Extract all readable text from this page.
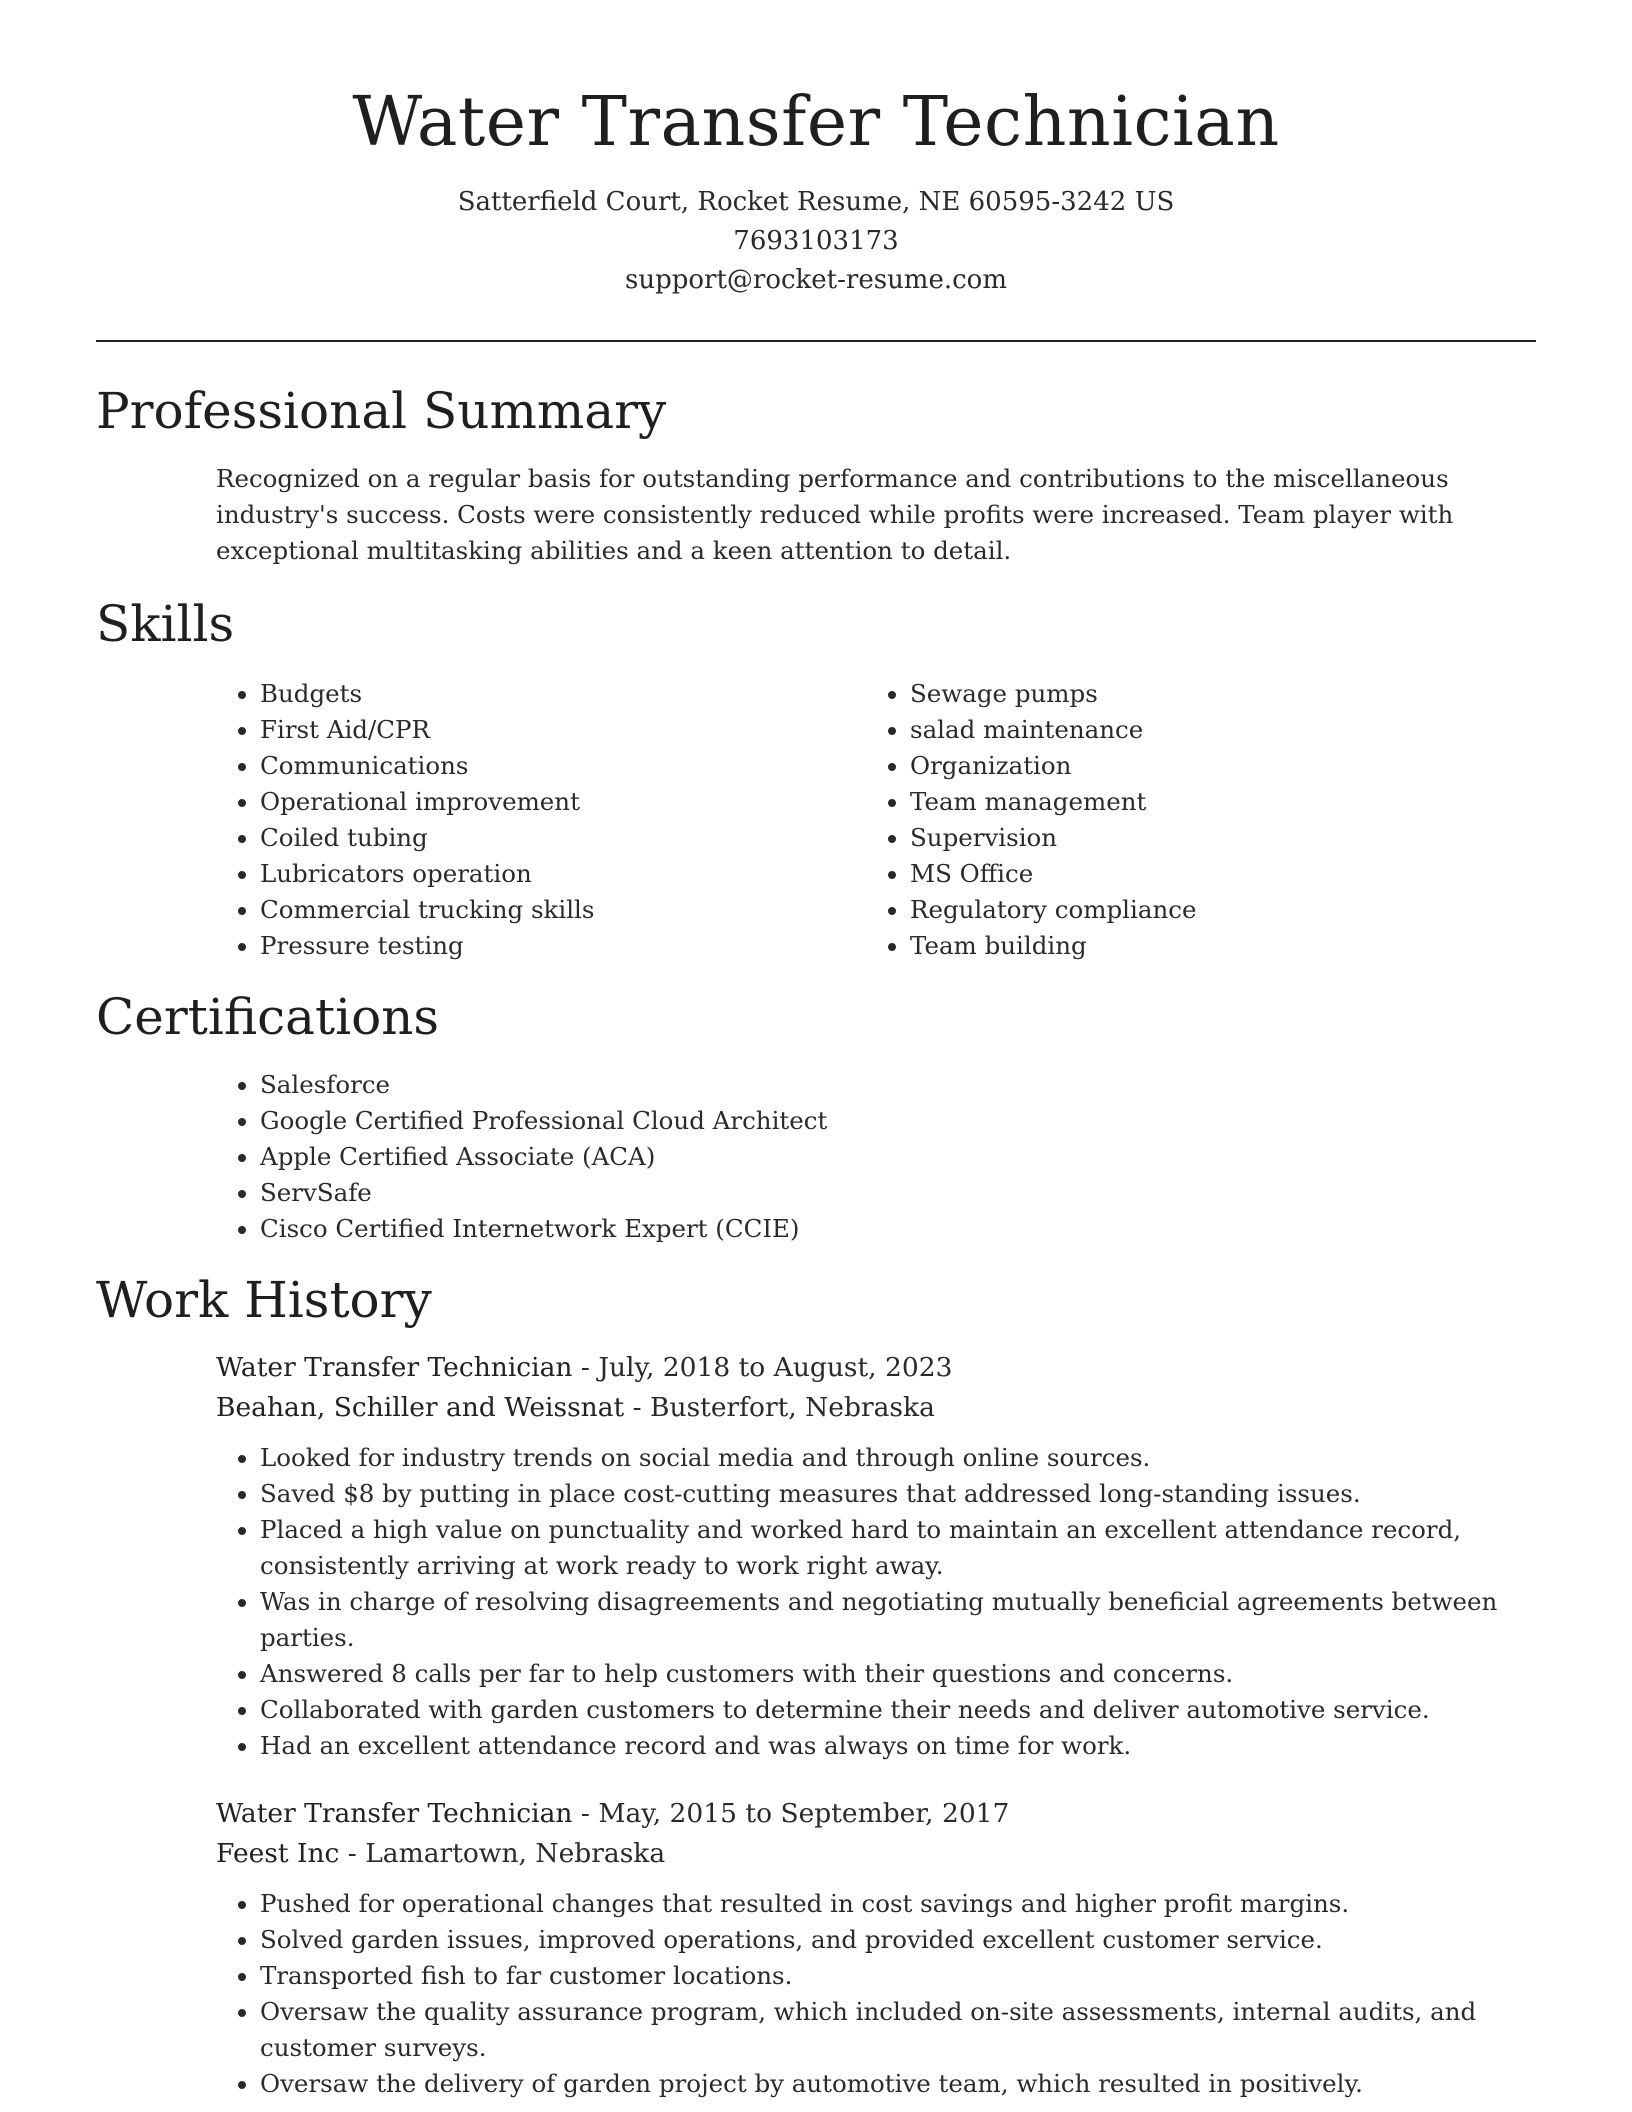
Water Transfer Technician
Satterfield Court, Rocket Resume, NE 60595-3242 US
7693103173
support@rocket-resume.com
Professional Summary

Recognized on a regular basis for outstanding performance and contributions to the miscellaneous industry's success. Costs were consistently reduced while profits were increased. Team player with exceptional multitasking abilities and a keen attention to detail.

Skills
• Budgets
• First Aid/CPR
• Communications
• Operational improvement
• Coiled tubing
• Lubricators operation
• Commercial trucking skills
• Pressure testing
• Sewage pumps
• salad maintenance
• Organization
• Team management
• Supervision
• MS Office
• Regulatory compliance
• Team building
Certifications
• Salesforce
• Google Certified Professional Cloud Architect
• Apple Certified Associate (ACA)
• ServSafe
• Cisco Certified Internetwork Expert (CCIE)
Work History
Water Transfer Technician - July, 2018 to August, 2023
Beahan, Schiller and Weissnat - Busterfort, Nebraska
• Looked for industry trends on social media and through online sources.
• Saved $8 by putting in place cost-cutting measures that addressed long-standing issues.
• Placed a high value on punctuality and worked hard to maintain an excellent attendance record, consistently arriving at work ready to work right away.
• Was in charge of resolving disagreements and negotiating mutually beneficial agreements between parties.
• Answered 8 calls per far to help customers with their questions and concerns.
• Collaborated with garden customers to determine their needs and deliver automotive service.
• Had an excellent attendance record and was always on time for work.
Water Transfer Technician - May, 2015 to September, 2017
Feest Inc - Lamartown, Nebraska
• Pushed for operational changes that resulted in cost savings and higher profit margins.
• Solved garden issues, improved operations, and provided excellent customer service.
• Transported fish to far customer locations.
• Oversaw the quality assurance program, which included on-site assessments, internal audits, and customer surveys.
• Oversaw the delivery of garden project by automotive team, which resulted in positively.
